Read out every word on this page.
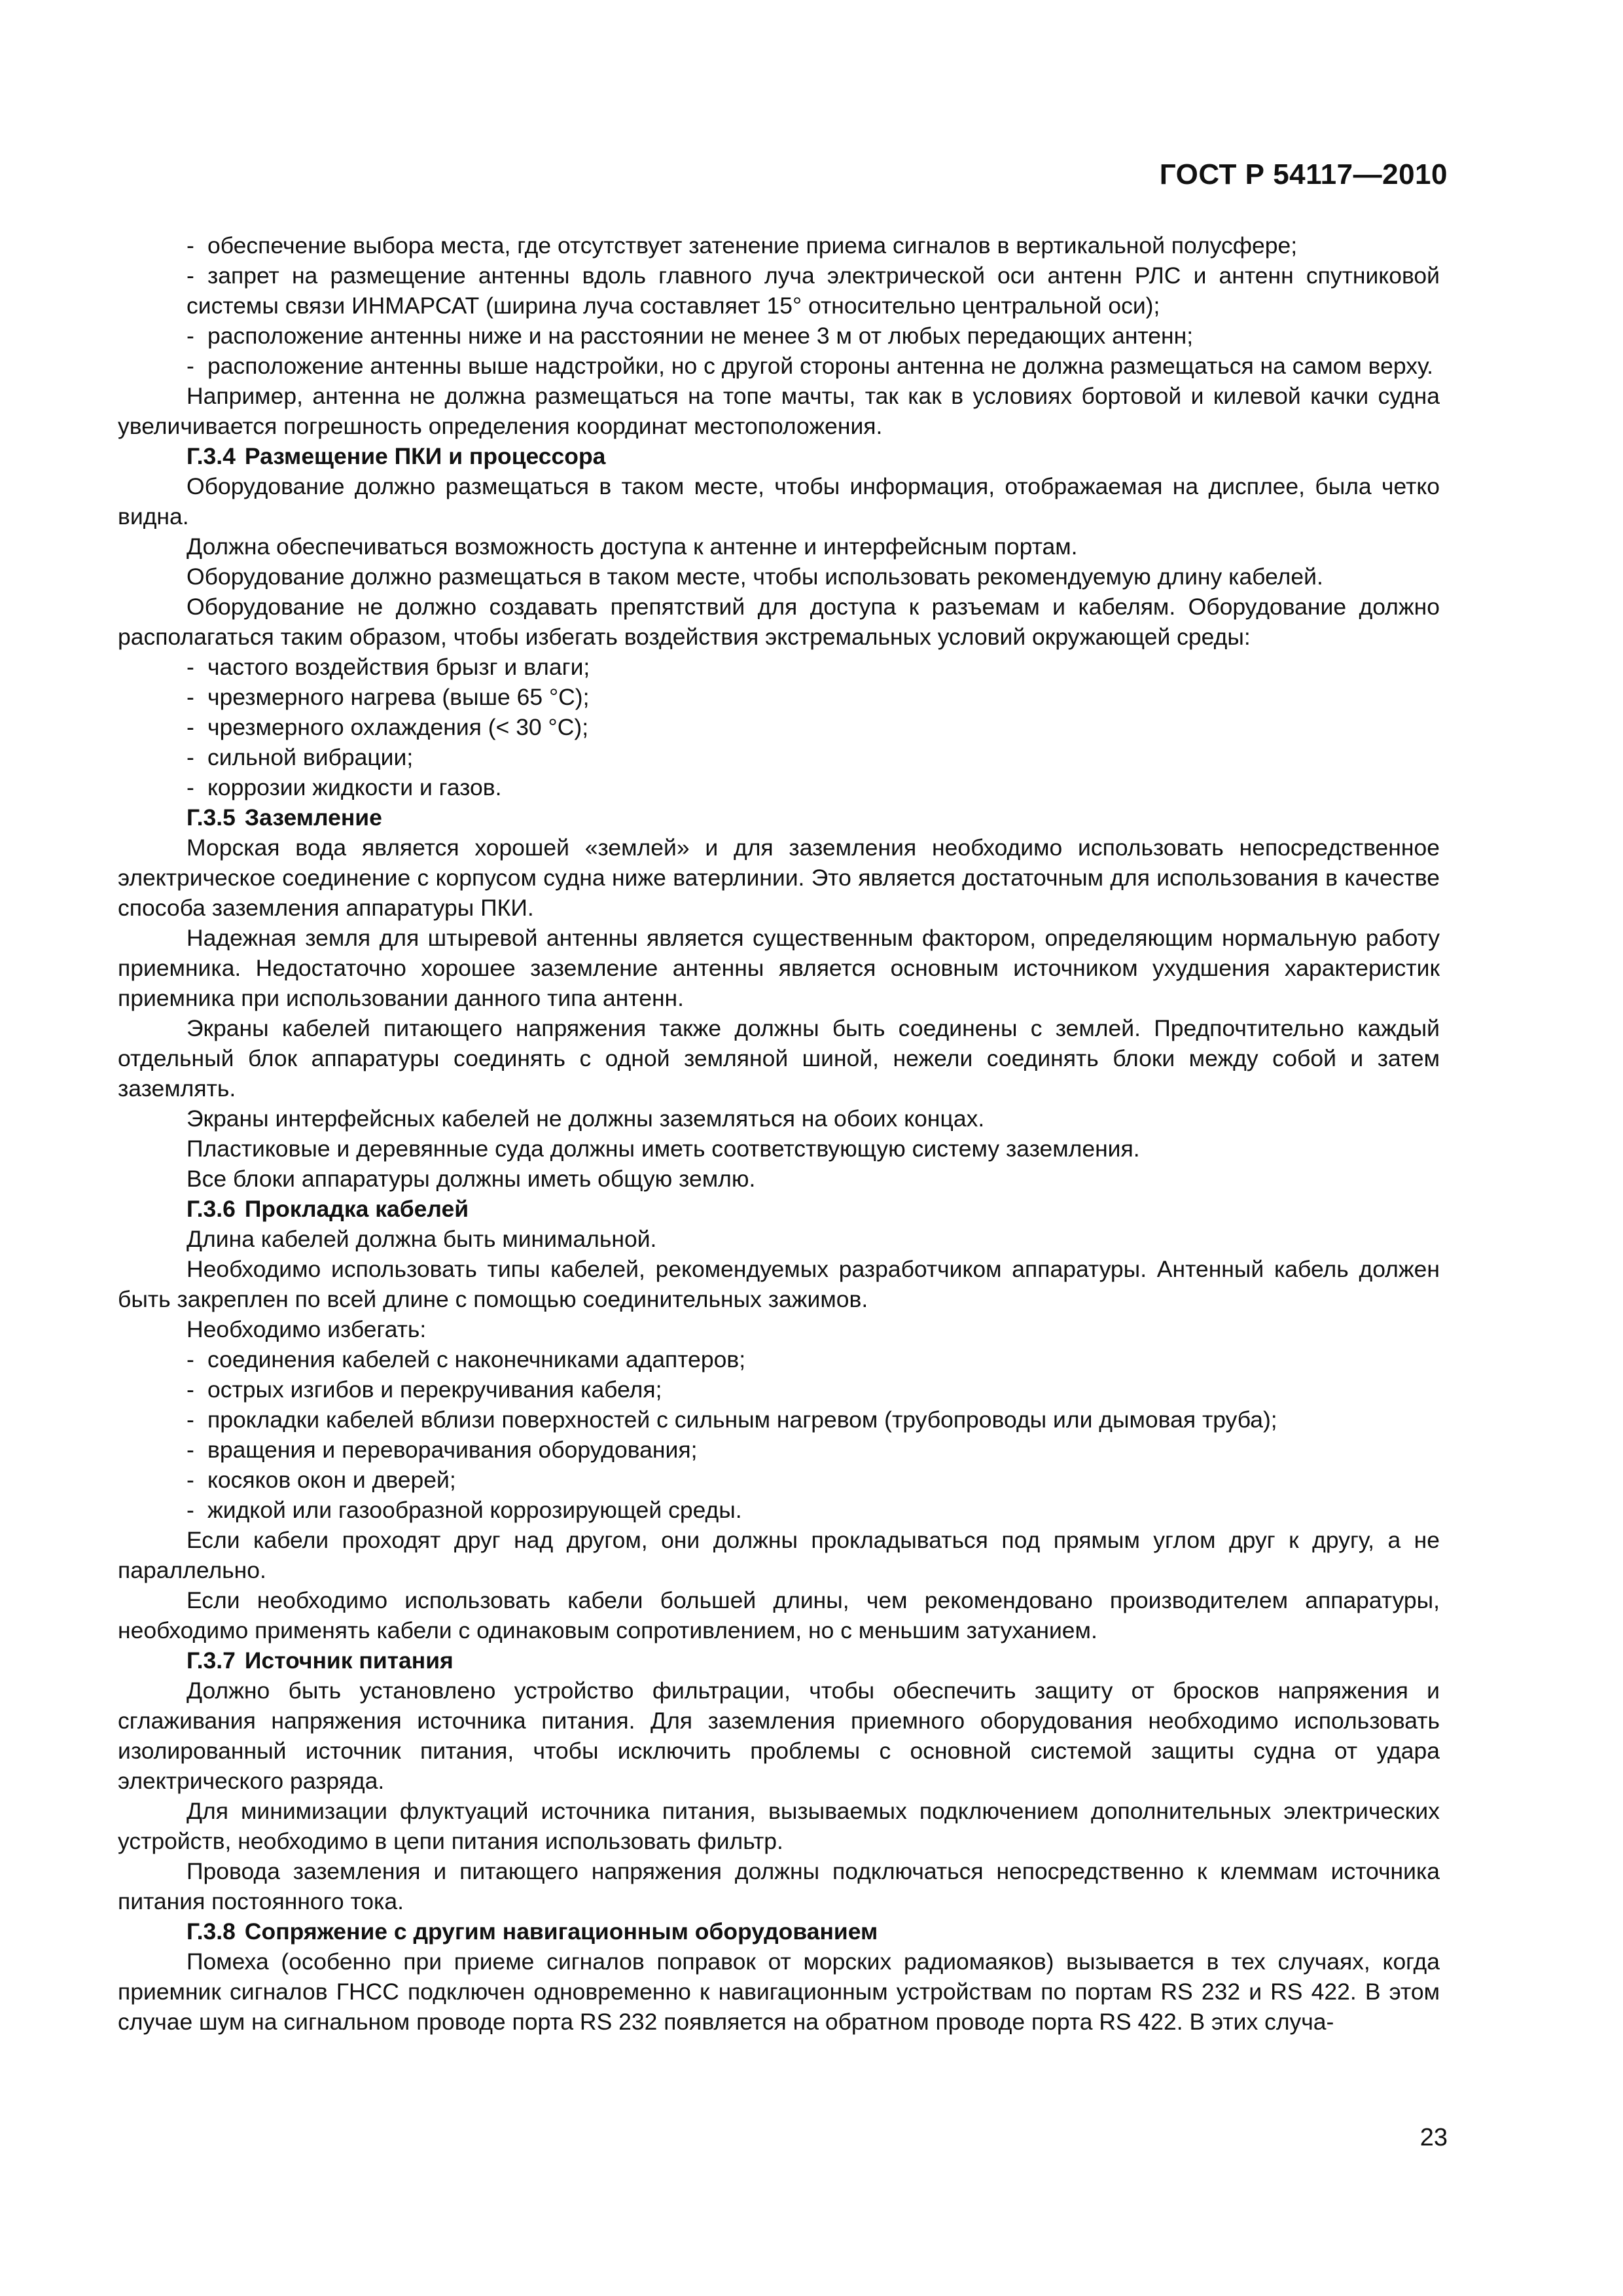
ГОСТ Р 54117—2010

- обеспечение выбора места, где отсутствует затенение приема сигналов в вертикальной полусфере;

- запрет на размещение антенны вдоль главного луча электрической оси антенн РЛС и антенн спутниковой системы связи ИНМАРСАТ (ширина луча составляет 15° относительно центральной оси);

- расположение антенны ниже и на расстоянии не менее 3 м от любых передающих антенн;

- расположение антенны выше надстройки, но с другой стороны антенна не должна размещаться на самом верху.

Например, антенна не должна размещаться на топе мачты, так как в условиях бортовой и килевой качки судна увеличивается погрешность определения координат местоположения.

Г.3.4 Размещение ПКИ и процессора

Оборудование должно размещаться в таком месте, чтобы информация, отображаемая на дисплее, была четко видна.

Должна обеспечиваться возможность доступа к антенне и интерфейсным портам.

Оборудование должно размещаться в таком месте, чтобы использовать рекомендуемую длину кабелей.

Оборудование не должно создавать препятствий для доступа к разъемам и кабелям. Оборудование должно располагаться таким образом, чтобы избегать воздействия экстремальных условий окружающей среды:

- частого воздействия брызг и влаги;

- чрезмерного нагрева (выше 65 °С);

- чрезмерного охлаждения (< 30 °С);

- сильной вибрации;

- коррозии жидкости и газов.

Г.3.5 Заземление

Морская вода является хорошей «землей» и для заземления необходимо использовать непосредственное электрическое соединение с корпусом судна ниже ватерлинии. Это является достаточным для использования в качестве способа заземления аппаратуры ПКИ.

Надежная земля для штыревой антенны является существенным фактором, определяющим нормальную работу приемника. Недостаточно хорошее заземление антенны является основным источником ухудшения характеристик приемника при использовании данного типа антенн.

Экраны кабелей питающего напряжения также должны быть соединены с землей. Предпочтительно каждый отдельный блок аппаратуры соединять с одной земляной шиной, нежели соединять блоки между собой и затем заземлять.

Экраны интерфейсных кабелей не должны заземляться на обоих концах.

Пластиковые и деревянные суда должны иметь соответствующую систему заземления.

Все блоки аппаратуры должны иметь общую землю.

Г.3.6 Прокладка кабелей

Длина кабелей должна быть минимальной.

Необходимо использовать типы кабелей, рекомендуемых разработчиком аппаратуры. Антенный кабель должен быть закреплен по всей длине с помощью соединительных зажимов.

Необходимо избегать:

- соединения кабелей с наконечниками адаптеров;

- острых изгибов и перекручивания кабеля;

- прокладки кабелей вблизи поверхностей с сильным нагревом (трубопроводы или дымовая труба);

- вращения и переворачивания оборудования;

- косяков окон и дверей;

- жидкой или газообразной коррозирующей среды.

Если кабели проходят друг над другом, они должны прокладываться под прямым углом друг к другу, а не параллельно.

Если необходимо использовать кабели большей длины, чем рекомендовано производителем аппаратуры, необходимо применять кабели с одинаковым сопротивлением, но с меньшим затуханием.

Г.3.7 Источник питания

Должно быть установлено устройство фильтрации, чтобы обеспечить защиту от бросков напряжения и сглаживания напряжения источника питания. Для заземления приемного оборудования необходимо использовать изолированный источник питания, чтобы исключить проблемы с основной системой защиты судна от удара электрического разряда.

Для минимизации флуктуаций источника питания, вызываемых подключением дополнительных электрических устройств, необходимо в цепи питания использовать фильтр.

Провода заземления и питающего напряжения должны подключаться непосредственно к клеммам источника питания постоянного тока.

Г.3.8 Сопряжение с другим навигационным оборудованием

Помеха (особенно при приеме сигналов поправок от морских радиомаяков) вызывается в тех случаях, когда приемник сигналов ГНСС подключен одновременно к навигационным устройствам по портам RS 232 и RS 422. В этом случае шум на сигнальном проводе порта RS 232 появляется на обратном проводе порта RS 422. В этих случа-

23
